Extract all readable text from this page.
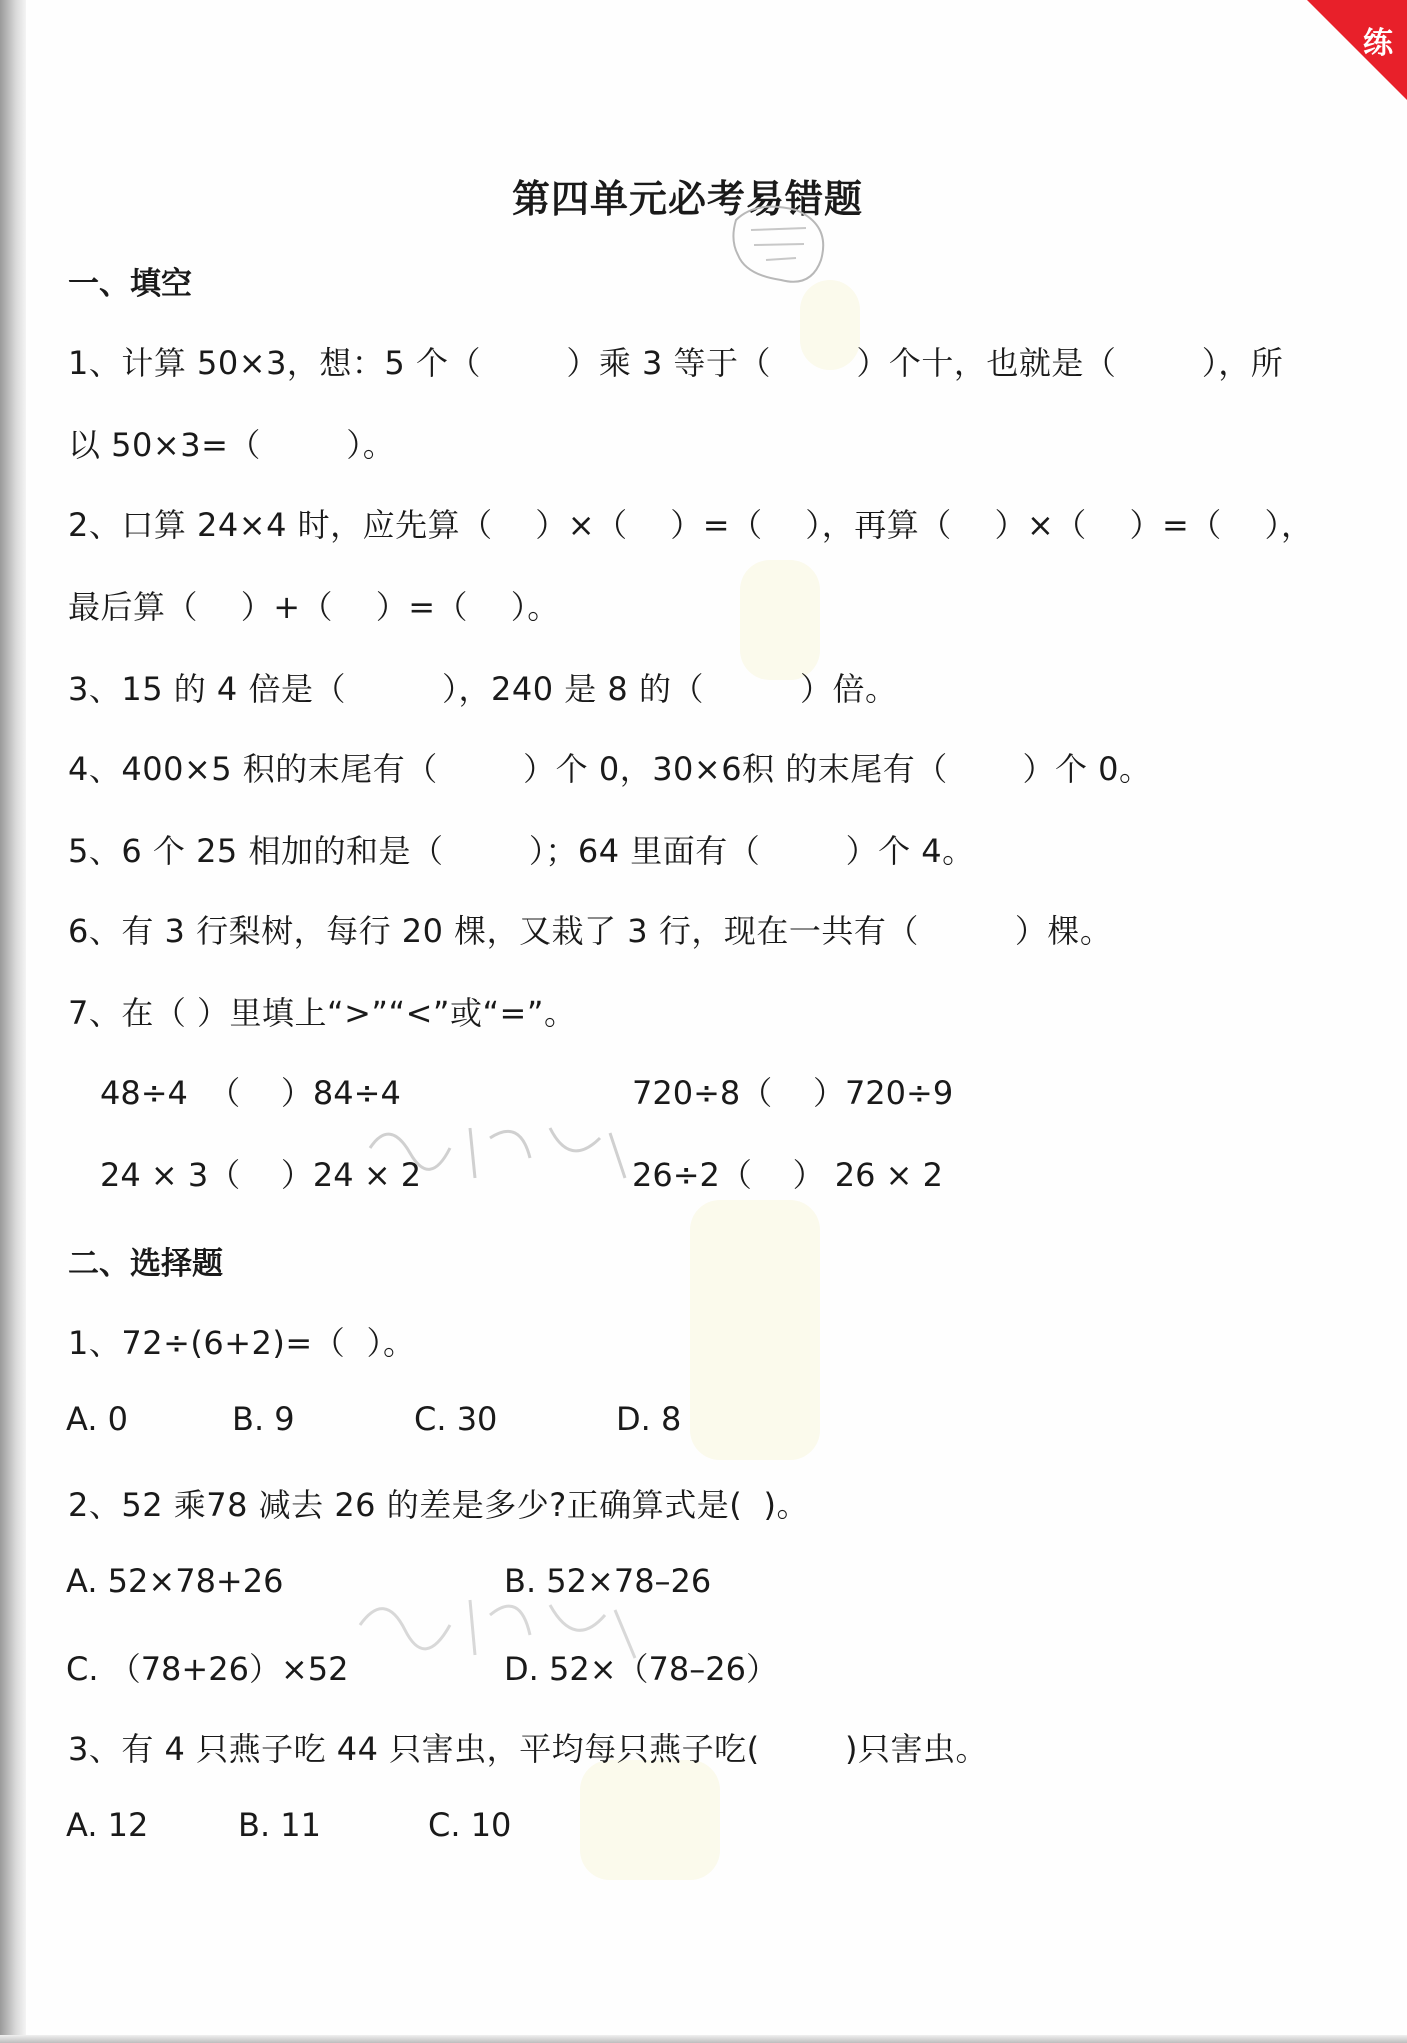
练
第四单元必考易错题
一、填空
1、计算 50×3，想：5 个（        ）乘 3 等于（        ）个十，也就是（        ），所
以 50×3=（        ）。
2、口算 24×4 时，应先算（    ）×（    ）=（    ），再算（    ）×（    ）=（    ），
最后算（    ）+（    ）=（    ）。
3、15 的 4 倍是（         ），240 是 8 的（         ）倍。
4、400×5 积的末尾有（        ）个 0，30×6积 的末尾有（       ）个 0。
5、6 个 25 相加的和是（        ）；64 里面有（        ）个 4。
6、有 3 行梨树，每行 20 棵，又栽了 3 行，现在一共有（         ）棵。
7、在（ ）里填上“>”“<”或“=”。
48÷4  （    ）84÷4	720÷8（    ）720÷9
24 × 3（    ）24 × 2	26÷2（    ） 26 × 2
二、选择题
1、72÷(6+2)=（  ）。
A. 0	B. 9	C. 30	D. 8
2、52 乘78 减去 26 的差是多少?正确算式是(  )。
A. 52×78+26	B. 52×78–26
C. （78+26）×52	D. 52×（78–26）
3、有 4 只燕子吃 44 只害虫，平均每只燕子吃(        )只害虫。
A. 12	B. 11	C. 10
